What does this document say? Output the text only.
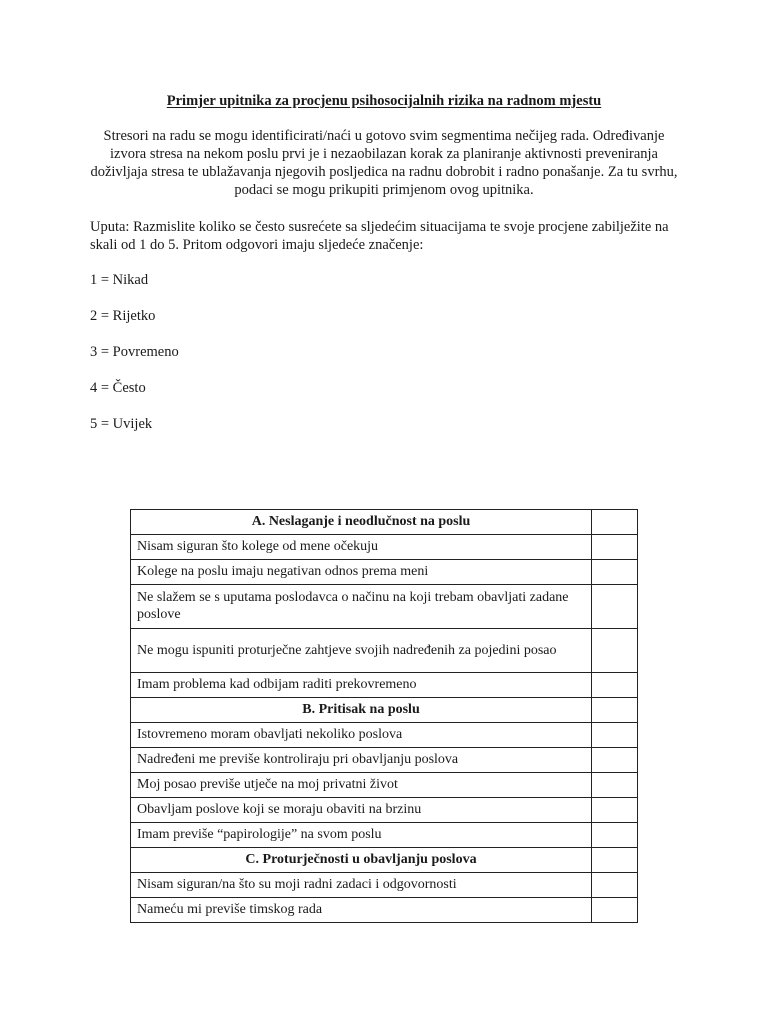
Primjer upitnika za procjenu psihosocijalnih rizika na radnom mjestu
Stresori na radu se mogu identificirati/naći u gotovo svim segmentima nečijeg rada. Određivanje izvora stresa na nekom poslu prvi je i nezaobilazan korak za planiranje aktivnosti preveniranja doživljaja stresa te ublažavanja njegovih posljedica na radnu dobrobit i radno ponašanje. Za tu svrhu, podaci se mogu prikupiti primjenom ovog upitnika.
Uputa: Razmislite koliko se često susrećete sa sljedećim situacijama te svoje procjene zabilježite na skali od 1 do 5. Pritom odgovori imaju sljedeće značenje:
1 = Nikad
2 = Rijetko
3 = Povremeno
4 = Često
5 = Uvijek
A. Neslaganje i neodlučnost na poslu	
Nisam siguran što kolege od mene očekuju	
Kolege na poslu imaju negativan odnos prema meni	
Ne slažem se s uputama poslodavca o načinu na koji trebam obavljati zadane poslove	
Ne mogu ispuniti proturječne zahtjeve svojih nadređenih za pojedini posao	
Imam problema kad odbijam raditi prekovremeno	
B. Pritisak na poslu	
Istovremeno moram obavljati nekoliko poslova	
Nadređeni me previše kontroliraju pri obavljanju poslova	
Moj posao previše utječe na moj privatni život	
Obavljam poslove koji se moraju obaviti na brzinu	
Imam previše “papirologije” na svom poslu	
C. Proturječnosti u obavljanju poslova	
Nisam siguran/na što su moji radni zadaci i odgovornosti	
Nameću mi previše timskog rada	
